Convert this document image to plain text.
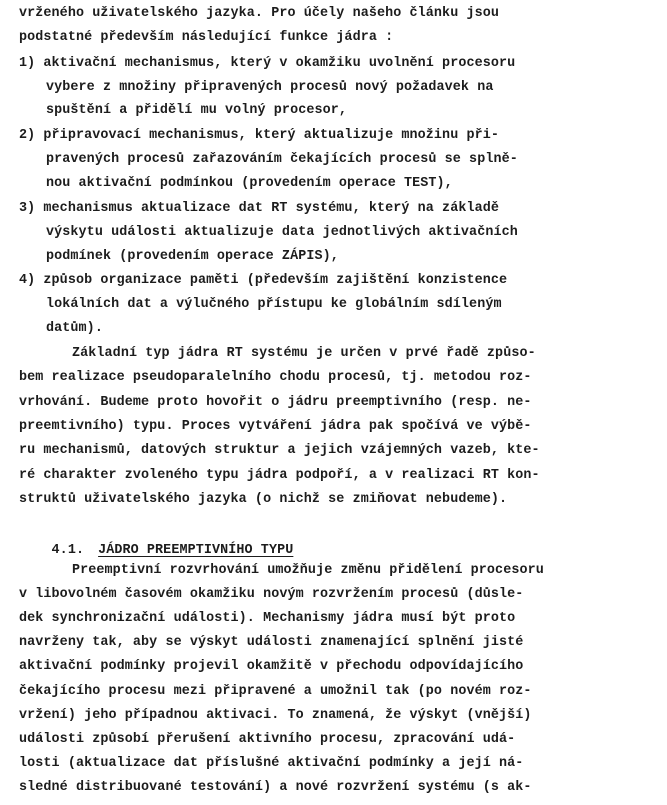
vrženého uživatelského jazyka. Pro účely našeho článku jsou
podstatné především následující funkce jádra :
1) aktivační mechanismus, který v okamžiku uvolnění procesoru
vybere z množiny připravených procesů nový požadavek na
spuštění a přidělí mu volný procesor,
2) připravovací mechanismus, který aktualizuje množinu při-
pravených procesů zařazováním čekajících procesů se splně-
nou aktivační podmínkou (provedením operace TEST),
3) mechanismus aktualizace dat RT systému, který na základě
výskytu události aktualizuje data jednotlivých aktivačních
podmínek (provedením operace ZÁPIS),
4) způsob organizace paměti (především zajištění konzistence
lokálních dat a výlučného přístupu ke globálním sdíleným
datům).
Základní typ jádra RT systému je určen v prvé řadě způso-
bem realizace pseudoparalelního chodu procesů, tj. metodou roz-
vrhování. Budeme proto hovořit o jádru preemptivního (resp. ne-
preemtivního) typu. Proces vytváření jádra pak spočívá ve výbě-
ru mechanismů, datových struktur a jejich vzájemných vazeb, kte-
ré charakter zvoleného typu jádra podpoří, a v realizaci RT kon-
struktů uživatelského jazyka (o nichž se zmiňovat nebudeme).

4.1. JÁDRO PREEMPTIVNÍHO TYPU

Preemptivní rozvrhování umožňuje změnu přidělení procesoru
v libovolném časovém okamžiku novým rozvržením procesů (důsle-
dek synchronizační události). Mechanismy jádra musí být proto
navrženy tak, aby se výskyt události znamenající splnění jisté
aktivační podmínky projevil okamžitě v přechodu odpovídajícího
čekajícího procesu mezi připravené a umožnil tak (po novém roz-
vržení) jeho případnou aktivaci. To znamená, že výskyt (vnější)
události způsobí přerušení aktivního procesu, zpracování udá-
losti (aktualizace dat příslušné aktivační podmínky a její ná-
sledné distribuované testování) a nové rozvržení systému (s ak-
